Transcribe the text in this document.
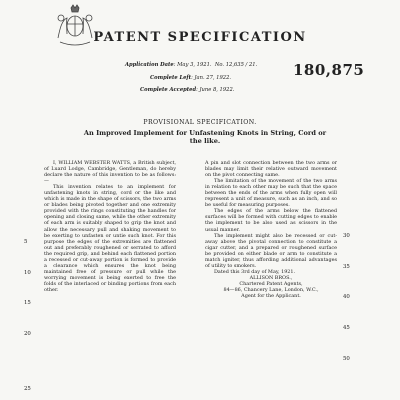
PATENT SPECIFICATION
Application Date: May 3, 1921. No. 12,635 / 21.
Complete Left: Jan. 27, 1922.
Complete Accepted: June 8, 1922.
180,875
PROVISIONAL SPECIFICATION.
An Improved Implement for Unfastening Knots in String, Cord or
the like.

I, WILLIAM WEBSTER WATTS, a British subject, of Luard Lodge, Cambridge, Gentleman, do hereby declare the nature of this invention to be as follows:—

This invention relates to an implement for unfastening knots in string, cord or the like and which is made in the shape of scissors, the two arms or blades being pivoted together and one extremity provided with the rings constituting the handles for opening and closing same, while the other extremity of each arm is suitably shaped to grip the knot and allow the necessary pull and shaking movement to be exerting to unfasten or untie such knot. For this purpose the edges of the extremities are flattened out and preferably roughened or serrated to afford the required grip, and behind each flattened portion a recessed or cut-away portion is formed to provide a clearance which ensures the knot being maintained free of pressure or pull while the worrying movement is being exerted to free the folds of the interlaced or binding portions from each other.

A pin and slot connection between the two arms or blades may limit their relative outward movement on the pivot connecting same.

The limitation of the movement of the two arms in relation to each other may be such that the space between the ends of the arms when fully open will represent a unit of measure, such as an inch, and so be useful for measuring purposes.

The edges of the arms below the flattened surfaces will be formed with cutting edges to enable the implement to be also used as scissors in the usual manner.

The implement might also be recessed or cut-away above the pivotal connection to constitute a cigar cutter, and a prepared or roughened surface be provided on either blade or arm to constitute a match igniter, thus affording additional advantages of utility to smokers.

Dated this 3rd day of May, 1921.

ALLISON BROS.,

Chartered Patent Agents,

84—86, Chancery Lane, London, W.C.,

Agent for the Applicant.

5
10
15
20
25
30
35
40
45
50
